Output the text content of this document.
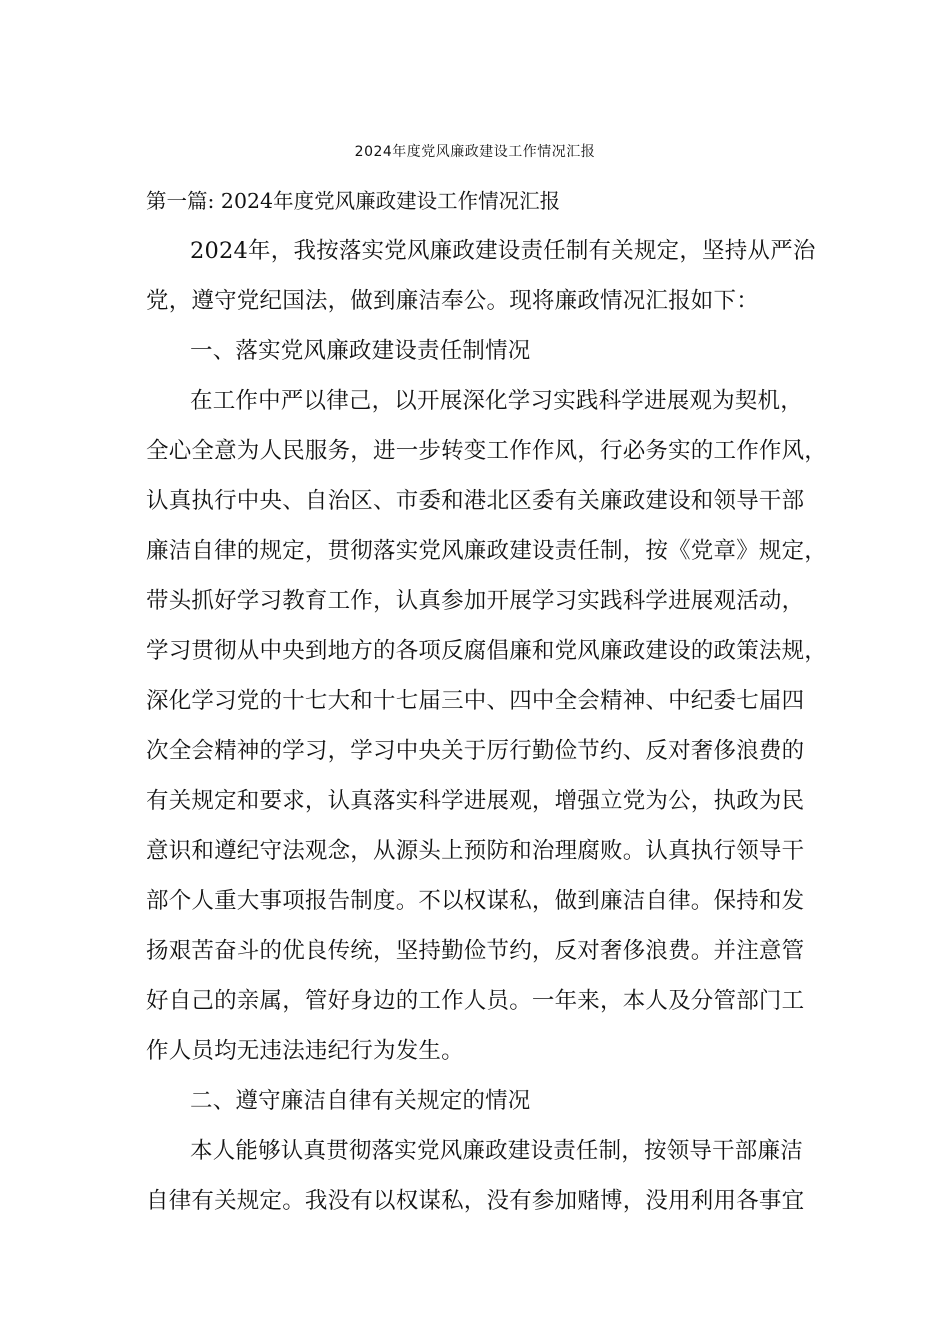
2024年度党风廉政建设工作情况汇报

第一篇: 2024年度党风廉政建设工作情况汇报

2024年，我按落实党风廉政建设责任制有关规定，坚持从严治

党，遵守党纪国法，做到廉洁奉公。现将廉政情况汇报如下：

一、落实党风廉政建设责任制情况

在工作中严以律己，以开展深化学习实践科学进展观为契机，

全心全意为人民服务，进一步转变工作作风，行必务实的工作作风，

认真执行中央、自治区、市委和港北区委有关廉政建设和领导干部

廉洁自律的规定，贯彻落实党风廉政建设责任制，按《党章》规定，

带头抓好学习教育工作，认真参加开展学习实践科学进展观活动，

学习贯彻从中央到地方的各项反腐倡廉和党风廉政建设的政策法规，

深化学习党的十七大和十七届三中、四中全会精神、中纪委七届四

次全会精神的学习，学习中央关于厉行勤俭节约、反对奢侈浪费的

有关规定和要求，认真落实科学进展观，增强立党为公，执政为民

意识和遵纪守法观念，从源头上预防和治理腐败。认真执行领导干

部个人重大事项报告制度。不以权谋私，做到廉洁自律。保持和发

扬艰苦奋斗的优良传统，坚持勤俭节约，反对奢侈浪费。并注意管

好自己的亲属，管好身边的工作人员。一年来，本人及分管部门工

作人员均无违法违纪行为发生。

二、遵守廉洁自律有关规定的情况

本人能够认真贯彻落实党风廉政建设责任制，按领导干部廉洁

自律有关规定。我没有以权谋私，没有参加赌博，没用利用各事宜
